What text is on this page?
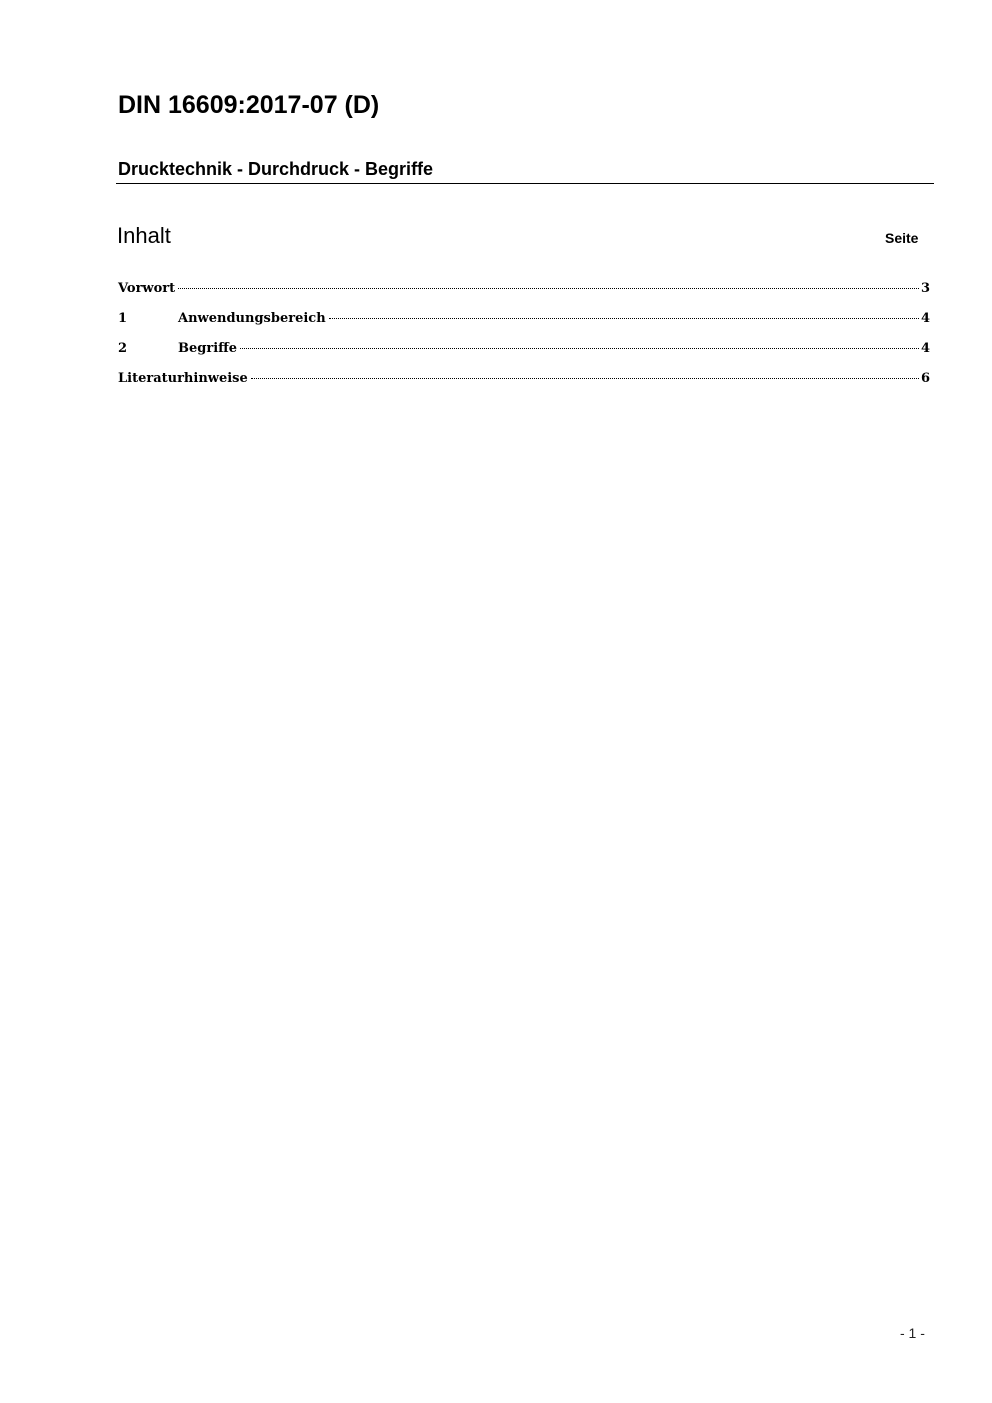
DIN 16609:2017-07 (D)
Drucktechnik - Durchdruck - Begriffe
Inhalt	Seite
Vorwort	3
1	Anwendungsbereich	4
2	Begriffe	4
Literaturhinweise	6
- 1 -
